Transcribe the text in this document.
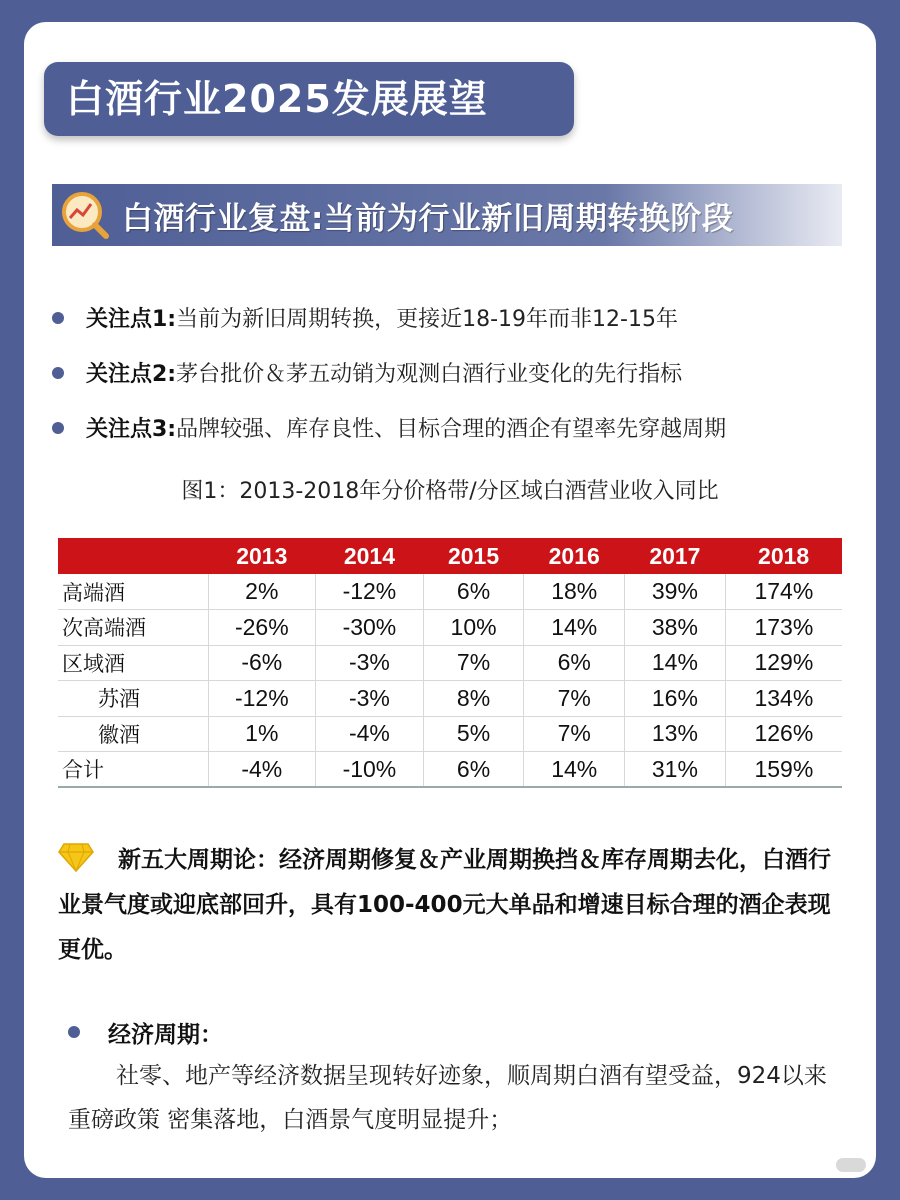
白酒行业2025发展展望
白酒行业复盘:当前为行业新旧周期转换阶段
关注点1: 当前为新旧周期转换，更接近18-19年而非12-15年
关注点2: 茅台批价＆茅五动销为观测白酒行业变化的先行指标
关注点3: 品牌较强、库存良性、目标合理的酒企有望率先穿越周期
图1：2013-2018年分价格带/分区域白酒营业收入同比
	2013	2014	2015	2016	2017	2018
高端酒	2%	-12%	6%	18%	39%	174%
次高端酒	-26%	-30%	10%	14%	38%	173%
区域酒	-6%	-3%	7%	6%	14%	129%
苏酒	-12%	-3%	8%	7%	16%	134%
徽酒	1%	-4%	5%	7%	13%	126%
合计	-4%	-10%	6%	14%	31%	159%
新五大周期论：经济周期修复＆产业周期换挡＆库存周期去化，白酒行业景气度或迎底部回升，具有100-400元大单品和增速目标合理的酒企表现更优。
经济周期：
社零、地产等经济数据呈现转好迹象，顺周期白酒有望受益，924以来重磅政策 密集落地，白酒景气度明显提升；
